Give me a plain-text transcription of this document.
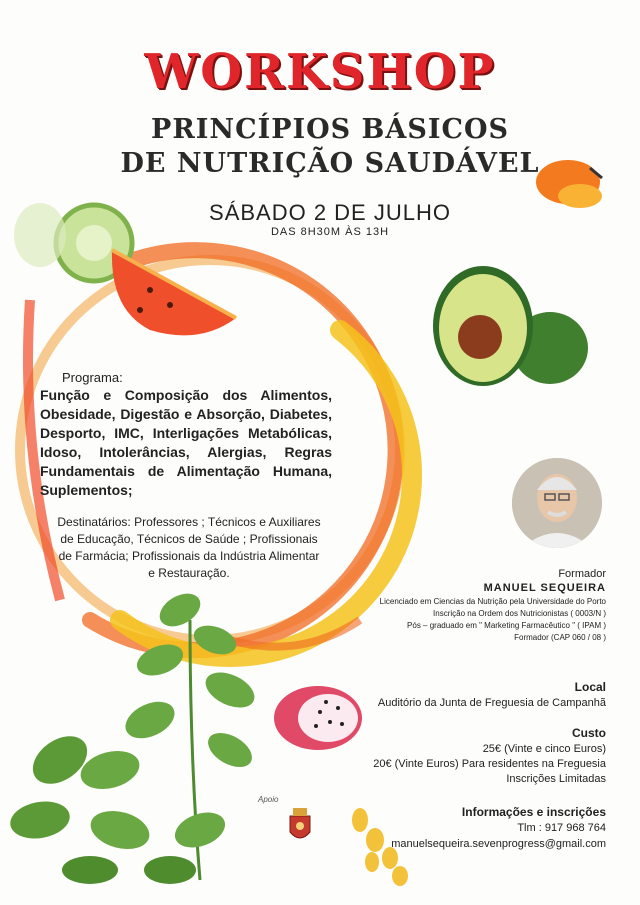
WORKSHOP
PRINCÍPIOS BÁSICOS
DE NUTRIÇÃO SAUDÁVEL
SÁBADO 2 DE JULHO
DAS 8H30M ÀS 13H
Programa:
Função e Composição dos Alimentos, Obesidade, Digestão e Absorção, Diabetes, Desporto, IMC, Interligações Metabólicas, Idoso, Intolerâncias, Alergias, Regras Fundamentais de Alimentação Humana, Suplementos;
Destinatários: Professores ; Técnicos e Auxiliares de Educação, Técnicos de Saúde ; Profissionais de Farmácia; Profissionais da Indústria Alimentar e Restauração.	Formador
MANUEL SEQUEIRA
Licenciado em Ciencias da Nutrição pela Universidade do Porto
Inscrição na Ordem dos Nutricionistas ( 0003/N )
Pós – graduado em " Marketing Farmacêutico " ( IPAM )
Formador (CAP 060 / 08 )
Local
Auditório da Junta de Freguesia de Campanhã
Custo
25€ (Vinte e cinco Euros)
20€ (Vinte Euros) Para residentes na Freguesia
Inscrições Limitadas
Informações e inscrições
Tlm : 917 968 764
manuelsequeira.sevenprogress@gmail.com
Apoio
